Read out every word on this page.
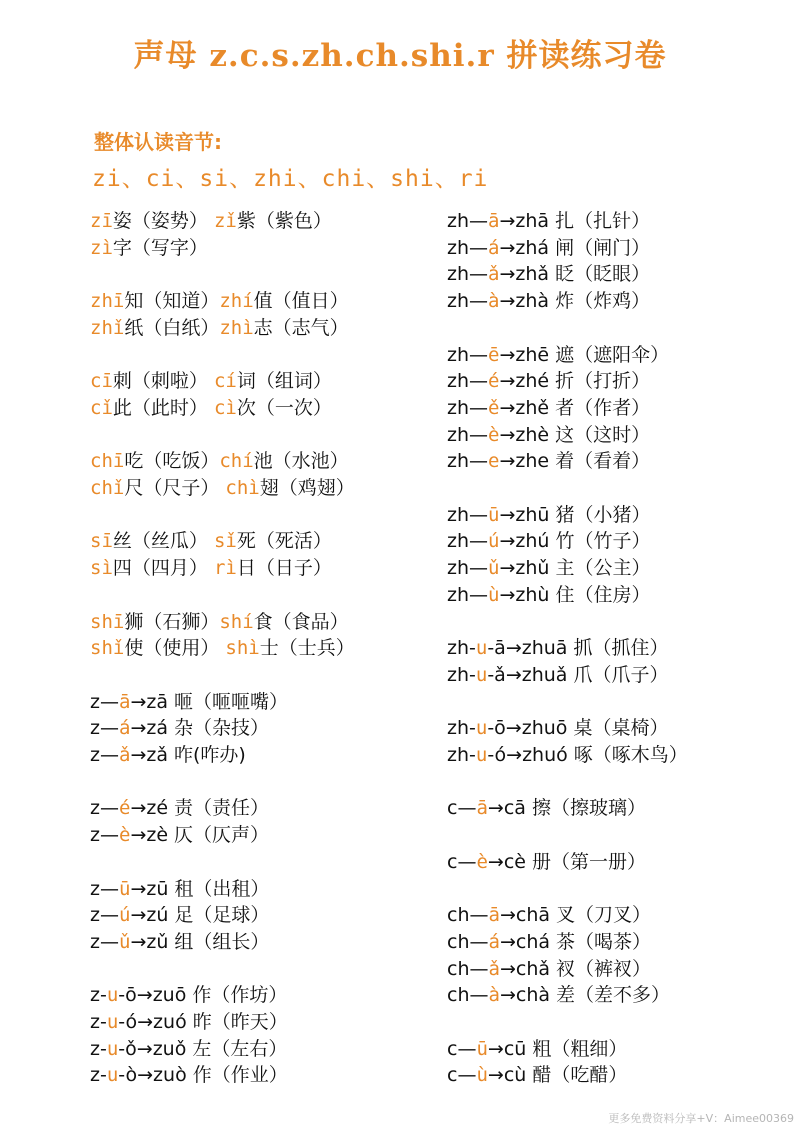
声母 z.c.s.zh.ch.shi.r 拼读练习卷
整体认读音节:
zi、ci、si、zhi、chi、shi、ri
更多免费资料分享+V：Aimee00369
zī姿（姿势） zǐ紫（紫色）
zì字（写字）
zhī知（知道）zhí值（值日）
zhǐ纸（白纸）zhì志（志气）
cī刺（刺啦） cí词（组词）
cǐ此（此时） cì次（一次）
chī吃（吃饭）chí池（水池）
chǐ尺（尺子） chì翅（鸡翅）
sī丝（丝瓜） sǐ死（死活）
sì四（四月） rì日（日子）
shī狮（石狮）shí食（食品）
shǐ使（使用） shì士（士兵）
z—ā→zā 咂（咂咂嘴）
z—á→zá 杂（杂技）
z—ǎ→zǎ 咋(咋办)
z—é→zé 责（责任）
z—è→zè 仄（仄声）
z—ū→zū 租（出租）
z—ú→zú 足（足球）
z—ǔ→zǔ 组（组长）
z-u-ō→zuō 作（作坊）
z-u-ó→zuó 昨（昨天）
z-u-ǒ→zuǒ 左（左右）
z-u-ò→zuò 作（作业）
zh—ā→zhā 扎（扎针）
zh—á→zhá 闸（闸门）
zh—ǎ→zhǎ 眨（眨眼）
zh—à→zhà 炸（炸鸡）
zh—ē→zhē 遮（遮阳伞）
zh—é→zhé 折（打折）
zh—ě→zhě 者（作者）
zh—è→zhè 这（这时）
zh—e→zhe 着（看着）
zh—ū→zhū 猪（小猪）
zh—ú→zhú 竹（竹子）
zh—ǔ→zhǔ 主（公主）
zh—ù→zhù 住（住房）
zh-u-ā→zhuā 抓（抓住）
zh-u-ǎ→zhuǎ 爪（爪子）
zh-u-ō→zhuō 桌（桌椅）
zh-u-ó→zhuó 啄（啄木鸟）
c—ā→cā 擦（擦玻璃）
c—è→cè 册（第一册）
ch—ā→chā 叉（刀叉）
ch—á→chá 茶（喝茶）
ch—ǎ→chǎ 衩（裤衩）
ch—à→chà 差（差不多）
c—ū→cū 粗（粗细）
c—ù→cù 醋（吃醋）
